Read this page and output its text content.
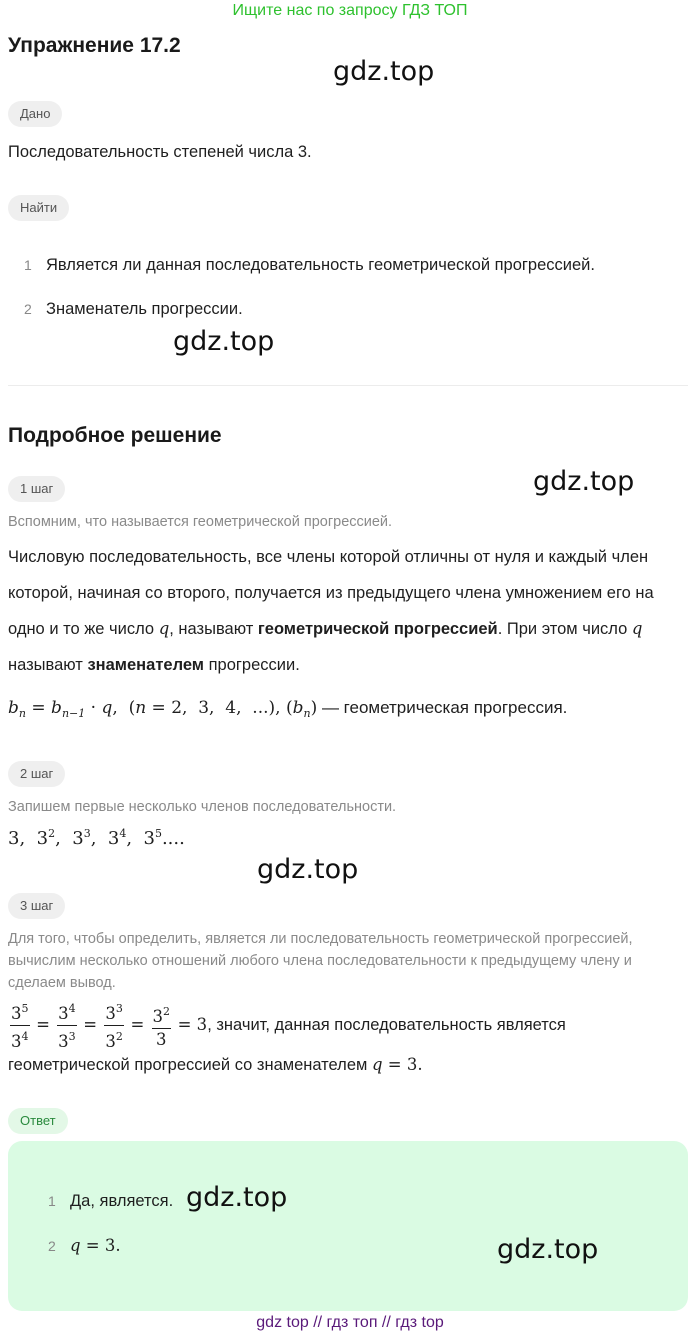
Ищите нас по запросу ГДЗ ТОП
Упражнение 17.2
gdz.top
Дано
Последовательность степеней числа 3.
Найти
1 Является ли данная последовательность геометрической прогрессией.
2 Знаменатель прогрессии.
gdz.top
Подробное решение
1 шаг	gdz.top
Вспомним, что называется геометрической прогрессией.
Числовую последовательность, все члены которой отличны от нуля и каждый член которой, начиная со второго, получается из предыдущего члена умножением его на одно и то же число q, называют геометрической прогрессией. При этом число q называют знаменателем прогрессии.
$b_n = b_{n-1} \cdot q$,  (n = 2,  3,  4,  ...), $(b_n)$ — геометрическая прогрессия.
2 шаг
Запишем первые несколько членов последовательности.
3,  $3^2$,  $3^3$,  $3^4$,  $3^5$....
gdz.top
3 шаг
Для того, чтобы определить, является ли последовательность геометрической прогрессией, вычислим несколько отношений любого члена последовательности к предыдущему члену и сделаем вывод.
$\frac{3^5}{3^4} = \frac{3^4}{3^3} = \frac{3^3}{3^2} = \frac{3^2}{3} = 3$, значит, данная последовательность является
геометрической прогрессией со знаменателем q = 3.
Ответ
1 Да, является. gdz.top
2 q = 3.	gdz.top
gdz top // гдз топ // гдз top
